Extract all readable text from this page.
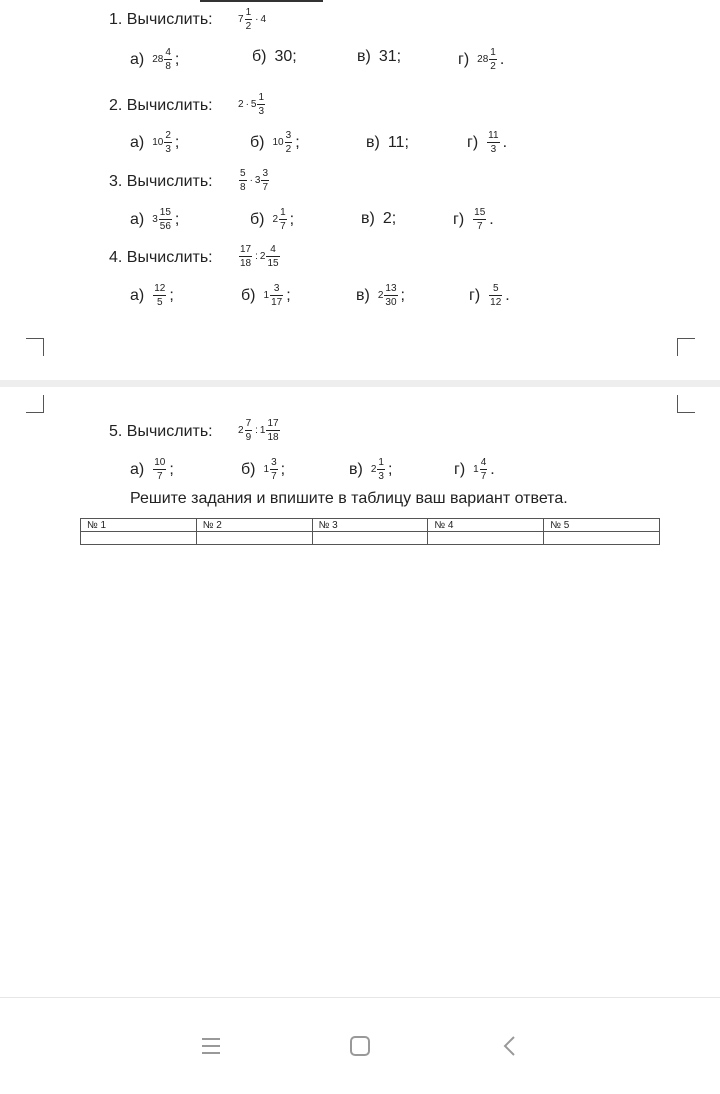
1. Вычислить:	$7 \frac{1}{2} \cdot 4$
а) $28 \frac{4}{8}$ ;	б) 30;	в) 31;	г) $28 \frac{1}{2}$ .
2. Вычислить:	$2 \cdot 5 \frac{1}{3}$
а) $10 \frac{2}{3}$ ;	б) $10 \frac{3}{2}$ ;	в) 11;	$г) \frac{11}{3}$ .
3. Вычислить:	$\frac{5}{8} \cdot 3 \frac{3}{7}$
а) $3 \frac{15}{56}$ ;	б) $2 \frac{1}{7}$ ;	в) 2;	$г) \frac{15}{7}$ .
4. Вычислить:	$\frac{17}{18}$ : $2 \frac{4}{15}$
$а) \frac{12}{5}$ ;	б) $1 \frac{3}{17}$ ;	в) $2 \frac{13}{30}$ ;	$г) \frac{5}{12}$ .
5. Вычислить:	$2 \frac{7}{9}$ : $1 \frac{17}{18}$
$а) \frac{10}{7}$ ;	б) $1 \frac{3}{7}$ ;	в) $2 \frac{1}{3}$ ;	г) $1 \frac{4}{7}$ .
Решите задания и впишите в таблицу ваш вариант ответа.
№ 1	№ 2	№ 3	№ 4	№ 5
